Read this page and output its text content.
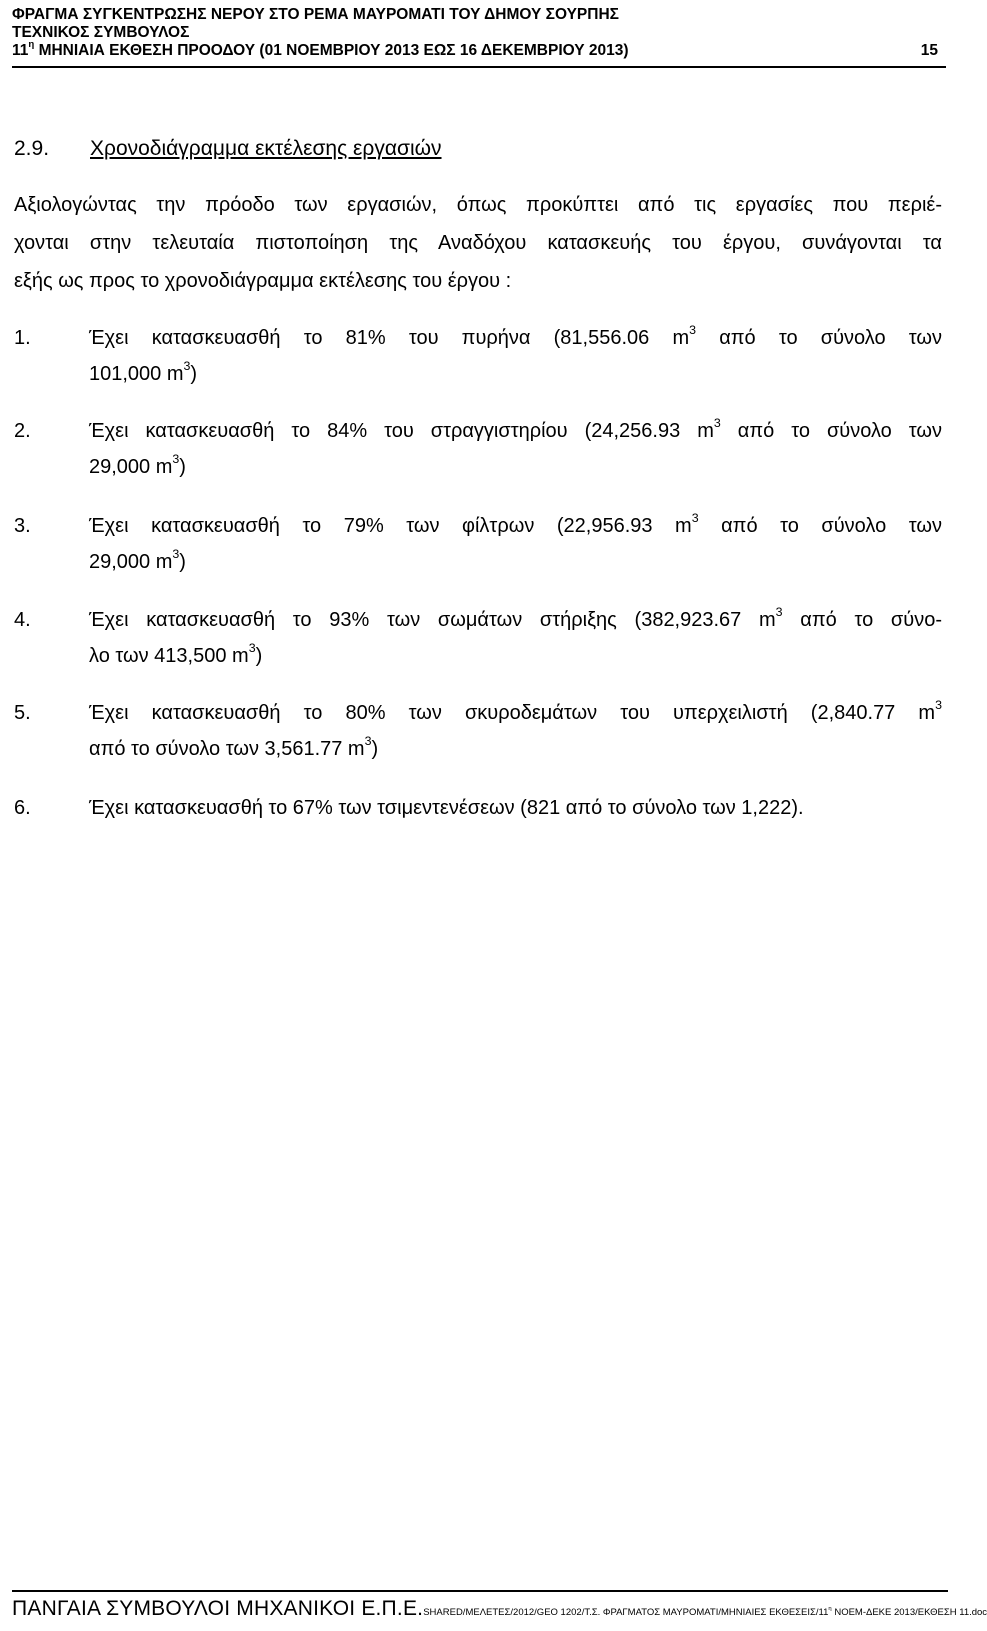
ΦΡΑΓΜΑ ΣΥΓΚΕΝΤΡΩΣΗΣ ΝΕΡΟΥ ΣΤΟ ΡΕΜΑ ΜΑΥΡΟΜΑΤΙ ΤΟΥ ΔΗΜΟΥ ΣΟΥΡΠΗΣ
ΤΕΧΝΙΚΟΣ ΣΥΜΒΟΥΛΟΣ
$11^\eta$ ΜΗΝΙΑΙΑ ΕΚΘΕΣΗ ΠΡΟΟΔΟΥ (01 ΝΟΕΜΒΡΙΟΥ 2013 ΕΩΣ 16 ΔΕΚΕΜΒΡΙΟΥ 2013)	15
2.9. Χρονοδιάγραμμα εκτέλεσης εργασιών
Αξιολογώντας την πρόοδο των εργασιών, όπως προκύπτει από τις εργασίες που περιέ-
χονται στην τελευταία πιστοποίηση της Αναδόχου κατασκευής του έργου, συνάγονται τα
εξής ως προς το χρονοδιάγραμμα εκτέλεσης του έργου :
1.	Έχει κατασκευασθή το 81% του πυρήνα (81,556.06 $m^3$ από το σύνολο των
101,000 $m^3$)
2.	Έχει κατασκευασθή το 84% του στραγγιστηρίου (24,256.93 $m^3$ από το σύνολο των
29,000 $m^3$)
3.	Έχει κατασκευασθή το 79% των φίλτρων (22,956.93 $m^3$ από το σύνολο των
29,000 $m^3$)
4.	Έχει κατασκευασθή το 93% των σωμάτων στήριξης (382,923.67 $m^3$ από το σύνο-
λο των 413,500 $m^3$)
5.	Έχει κατασκευασθή το 80% των σκυροδεμάτων του υπερχειλιστή (2,840.77 $m^3$
από το σύνολο των 3,561.77 $m^3$)
6.	Έχει κατασκευασθή το 67% των τσιμεντενέσεων (821 από το σύνολο των 1,222).
ΠΑΝΓΑΙΑ ΣΥΜΒΟΥΛΟΙ ΜΗΧΑΝΙΚΟΙ Ε.Π.Ε.SHARED/ΜΕΛΕΤΕΣ/2012/GEO 1202/Τ.Σ. ΦΡΑΓΜΑΤΟΣ ΜΑΥΡΟΜΑΤΙ/ΜΗΝΙΑΙΕΣ ΕΚΘΕΣΕΙΣ/$11^\eta$ ΝΟΕΜ-ΔΕΚΕ 2013/ΕΚΘΕΣΗ 11.doc
